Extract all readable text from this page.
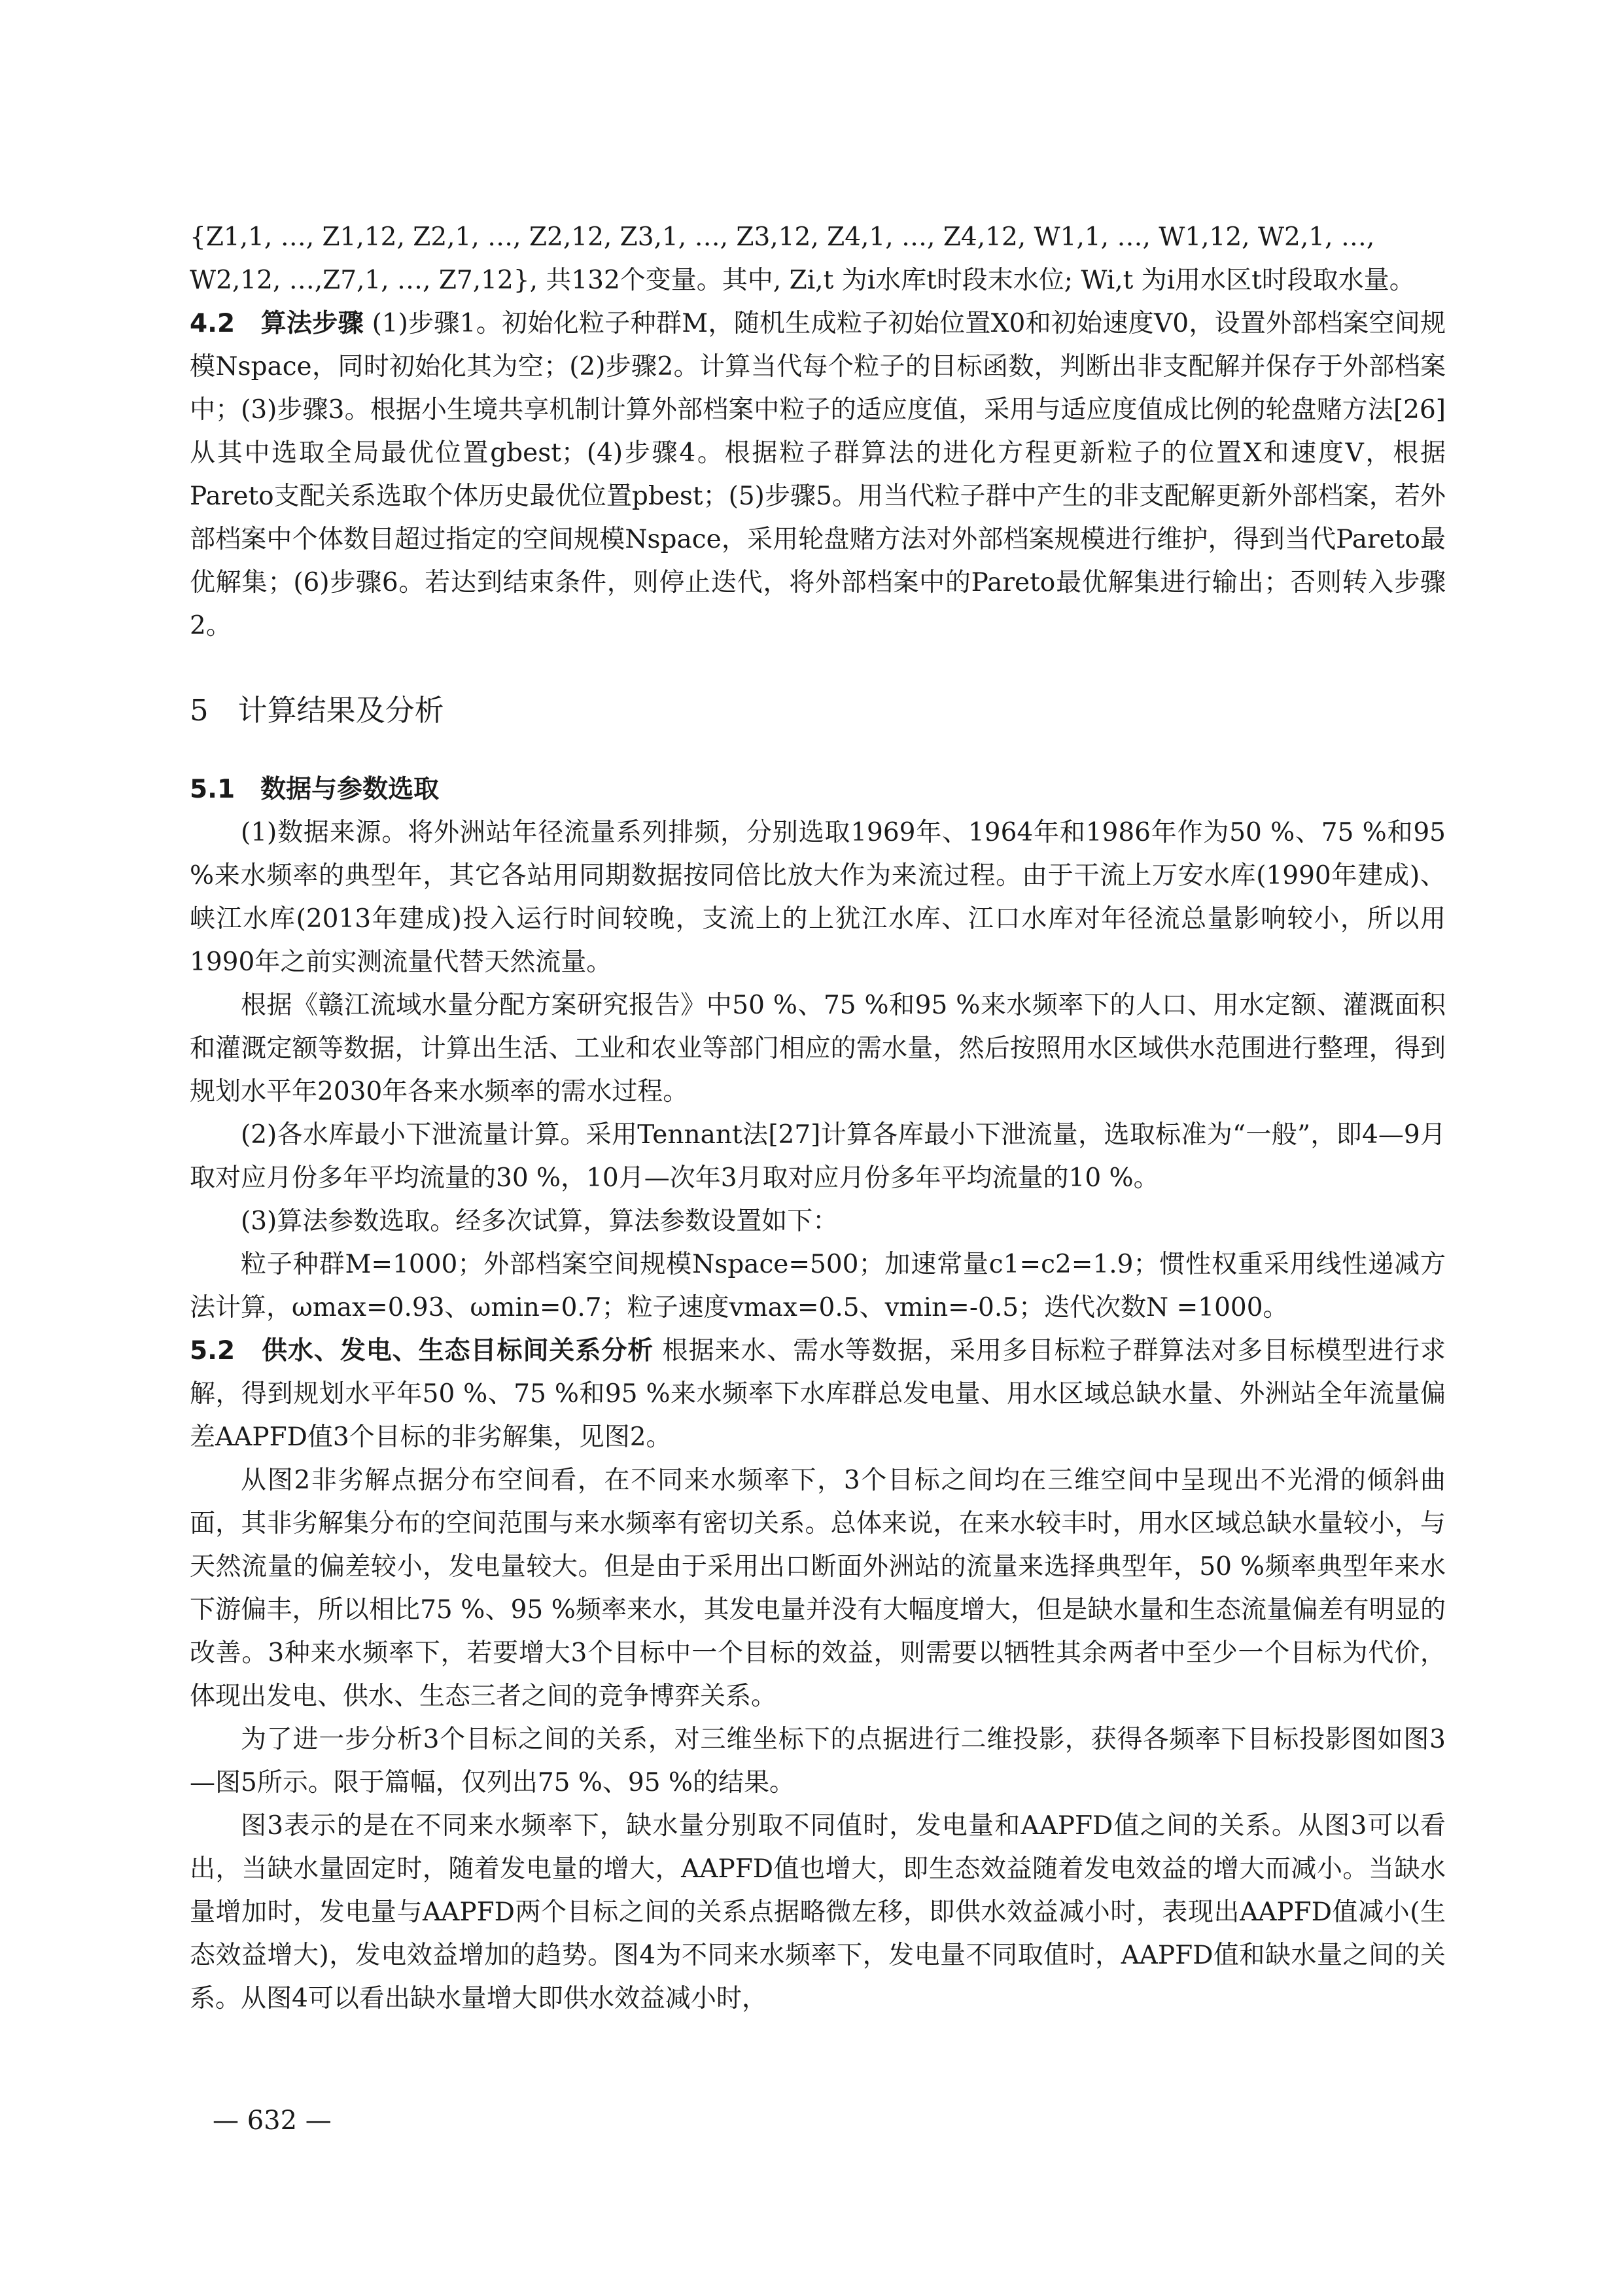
{Z1,1, …, Z1,12, Z2,1, …, Z2,12, Z3,1, …, Z3,12, Z4,1, …, Z4,12, W1,1, …, W1,12, W2,1, …,

W2,12, …,Z7,1, …, Z7,12}, 共132个变量。其中, Zi,t 为i水库t时段末水位; Wi,t 为i用水区t时段取水量。

4.2　算法步骤 (1)步骤1。初始化粒子种群M，随机生成粒子初始位置X0和初始速度V0，设置外部档案空间规模Nspace，同时初始化其为空；(2)步骤2。计算当代每个粒子的目标函数，判断出非支配解并保存于外部档案中；(3)步骤3。根据小生境共享机制计算外部档案中粒子的适应度值，采用与适应度值成比例的轮盘赌方法[26]从其中选取全局最优位置gbest；(4)步骤4。根据粒子群算法的进化方程更新粒子的位置X和速度V，根据Pareto支配关系选取个体历史最优位置pbest；(5)步骤5。用当代粒子群中产生的非支配解更新外部档案，若外部档案中个体数目超过指定的空间规模Nspace，采用轮盘赌方法对外部档案规模进行维护，得到当代Pareto最优解集；(6)步骤6。若达到结束条件，则停止迭代，将外部档案中的Pareto最优解集进行输出；否则转入步骤2。

5　计算结果及分析

5.1　数据与参数选取

(1)数据来源。将外洲站年径流量系列排频，分别选取1969年、1964年和1986年作为50 %、75 %和95 %来水频率的典型年，其它各站用同期数据按同倍比放大作为来流过程。由于干流上万安水库(1990年建成)、峡江水库(2013年建成)投入运行时间较晚，支流上的上犹江水库、江口水库对年径流总量影响较小，所以用1990年之前实测流量代替天然流量。

根据《赣江流域水量分配方案研究报告》中50 %、75 %和95 %来水频率下的人口、用水定额、灌溉面积和灌溉定额等数据，计算出生活、工业和农业等部门相应的需水量，然后按照用水区域供水范围进行整理，得到规划水平年2030年各来水频率的需水过程。

(2)各水库最小下泄流量计算。采用Tennant法[27]计算各库最小下泄流量，选取标准为“一般”，即4—9月取对应月份多年平均流量的30 %，10月—次年3月取对应月份多年平均流量的10 %。

(3)算法参数选取。经多次试算，算法参数设置如下：

粒子种群M=1000；外部档案空间规模Nspace=500；加速常量c1=c2=1.9；惯性权重采用线性递减方法计算，ωmax=0.93、ωmin=0.7；粒子速度vmax=0.5、vmin=-0.5；迭代次数N =1000。

5.2　供水、发电、生态目标间关系分析 根据来水、需水等数据，采用多目标粒子群算法对多目标模型进行求解，得到规划水平年50 %、75 %和95 %来水频率下水库群总发电量、用水区域总缺水量、外洲站全年流量偏差AAPFD值3个目标的非劣解集，见图2。

从图2非劣解点据分布空间看，在不同来水频率下，3个目标之间均在三维空间中呈现出不光滑的倾斜曲面，其非劣解集分布的空间范围与来水频率有密切关系。总体来说，在来水较丰时，用水区域总缺水量较小，与天然流量的偏差较小，发电量较大。但是由于采用出口断面外洲站的流量来选择典型年，50 %频率典型年来水下游偏丰，所以相比75 %、95 %频率来水，其发电量并没有大幅度增大，但是缺水量和生态流量偏差有明显的改善。3种来水频率下，若要增大3个目标中一个目标的效益，则需要以牺牲其余两者中至少一个目标为代价，体现出发电、供水、生态三者之间的竞争博弈关系。

为了进一步分析3个目标之间的关系，对三维坐标下的点据进行二维投影，获得各频率下目标投影图如图3—图5所示。限于篇幅，仅列出75 %、95 %的结果。

图3表示的是在不同来水频率下，缺水量分别取不同值时，发电量和AAPFD值之间的关系。从图3可以看出，当缺水量固定时，随着发电量的增大，AAPFD值也增大，即生态效益随着发电效益的增大而减小。当缺水量增加时，发电量与AAPFD两个目标之间的关系点据略微左移，即供水效益减小时，表现出AAPFD值减小(生态效益增大)，发电效益增加的趋势。图4为不同来水频率下，发电量不同取值时，AAPFD值和缺水量之间的关系。从图4可以看出缺水量增大即供水效益减小时，

— 632 —
